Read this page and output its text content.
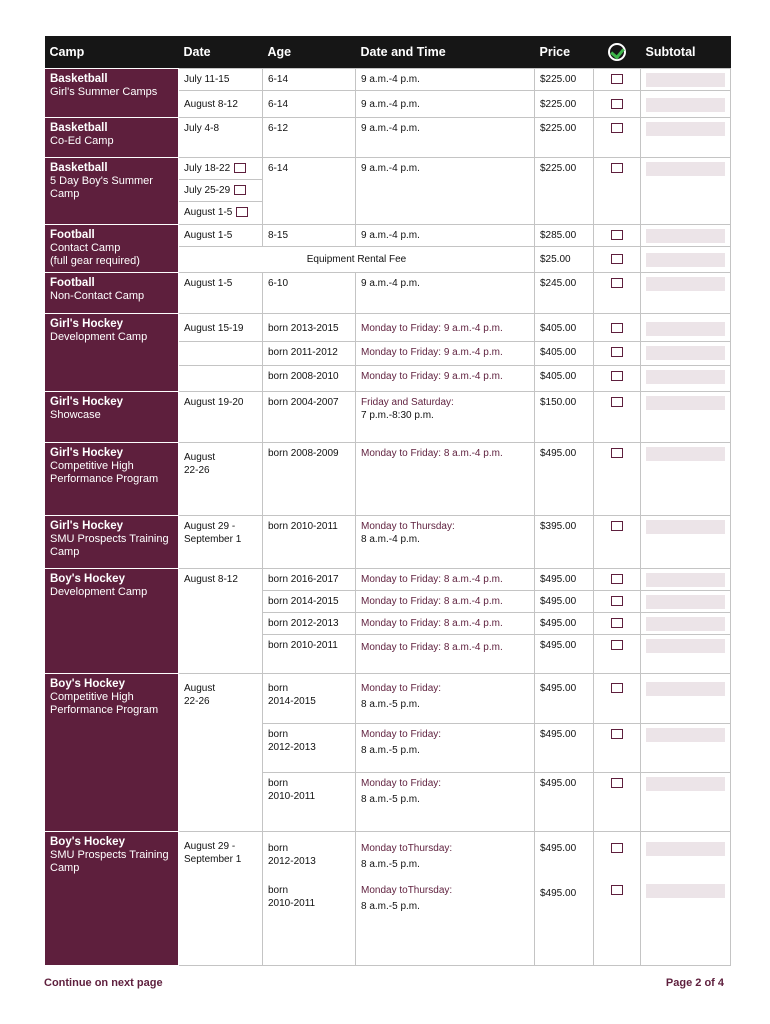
Camp	Date	Age	Date and Time	Price		Subtotal

Basketball
Girl's Summer Camps	July 11-15	6-14	9 a.m.-4 p.m.	$225.00		

	August 8-12	6-14	9 a.m.-4 p.m.	$225.00		

Basketball
Co-Ed Camp	July 4-8	6-12	9 a.m.-4 p.m.	$225.00		

Basketball
5 Day Boy's Summer Camp	July 18-22	6-14	9 a.m.-4 p.m.	$225.00		

	July 25-29					
	August 1-5					

Football
Contact Camp
(full gear required)	August 1-5	8-15	9 a.m.-4 p.m.	$285.00		

	Equipment Rental Fee			$25.00		

Football
Non-Contact Camp	August 1-5	6-10	9 a.m.-4 p.m.	$245.00		

Girl's Hockey
Development Camp	August 15-19	born 2013-2015	Monday to Friday: 9 a.m.-4 p.m.	$405.00		

		born 2011-2012	Monday to Friday: 9 a.m.-4 p.m.	$405.00		

		born 2008-2010	Monday to Friday: 9 a.m.-4 p.m.	$405.00		

Girl's Hockey
Showcase	August 19-20	born 2004-2007	Friday and Saturday:
7 p.m.-8:30 p.m.	$150.00		

Girl's Hockey
Competitive High Performance Program	August
22-26	born 2008-2009	Monday to Friday: 8 a.m.-4 p.m.	$495.00		

Girl's Hockey
SMU Prospects Training Camp	August 29 -
September 1	born 2010-2011	Monday to Thursday:
8 a.m.-4 p.m.	$395.00		

Boy's Hockey
Development Camp	August 8-12	born 2016-2017	Monday to Friday: 8 a.m.-4 p.m.	$495.00		

		born 2014-2015	Monday to Friday: 8 a.m.-4 p.m.	$495.00		

		born 2012-2013	Monday to Friday: 8 a.m.-4 p.m.	$495.00		

		born 2010-2011	Monday to Friday: 8 a.m.-4 p.m.	$495.00		

Boy's Hockey
Competitive High Performance Program	August
22-26	born
2014-2015	Monday to Friday:
8 a.m.-5 p.m.	$495.00		

		born
2012-2013	Monday to Friday:
8 a.m.-5 p.m.	$495.00		

		born
2010-2011	Monday to Friday:
8 a.m.-5 p.m.	$495.00		

Boy's Hockey
SMU Prospects Training Camp	August 29 -
September 1	born
2012-2013	Monday toThursday:
8 a.m.-5 p.m.	$495.00		

		born
2010-2011	Monday toThursday:
8 a.m.-5 p.m.	$495.00		
Continue on next page	Page 2 of 4
